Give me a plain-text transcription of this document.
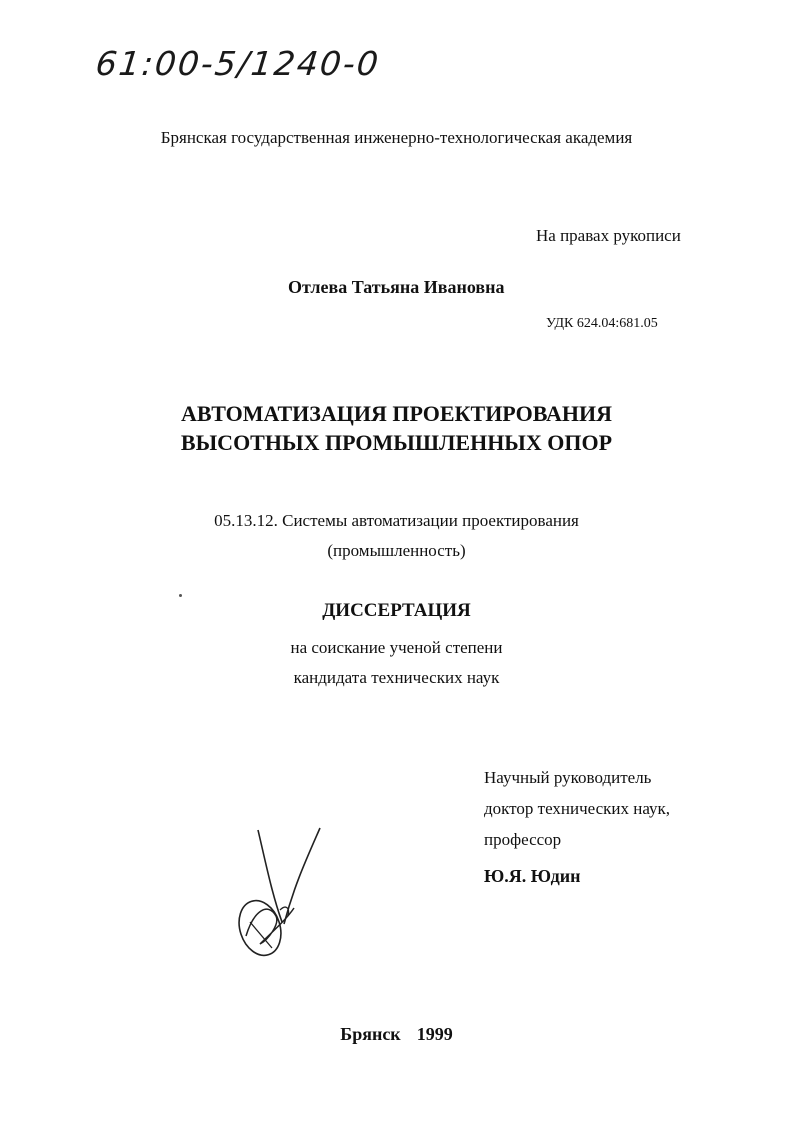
61:00-5/1240-0
Брянская государственная инженерно-технологическая академия
На правах рукописи
Отлева Татьяна Ивановна
УДК 624.04:681.05
АВТОМАТИЗАЦИЯ ПРОЕКТИРОВАНИЯ
ВЫСОТНЫХ ПРОМЫШЛЕННЫХ ОПОР
05.13.12. Системы автоматизации проектирования
(промышленность)
ДИССЕРТАЦИЯ
на соискание ученой степени
кандидата технических наук
Научный руководитель
доктор технических наук,
профессор
Ю.Я. Юдин
Брянск 1999
